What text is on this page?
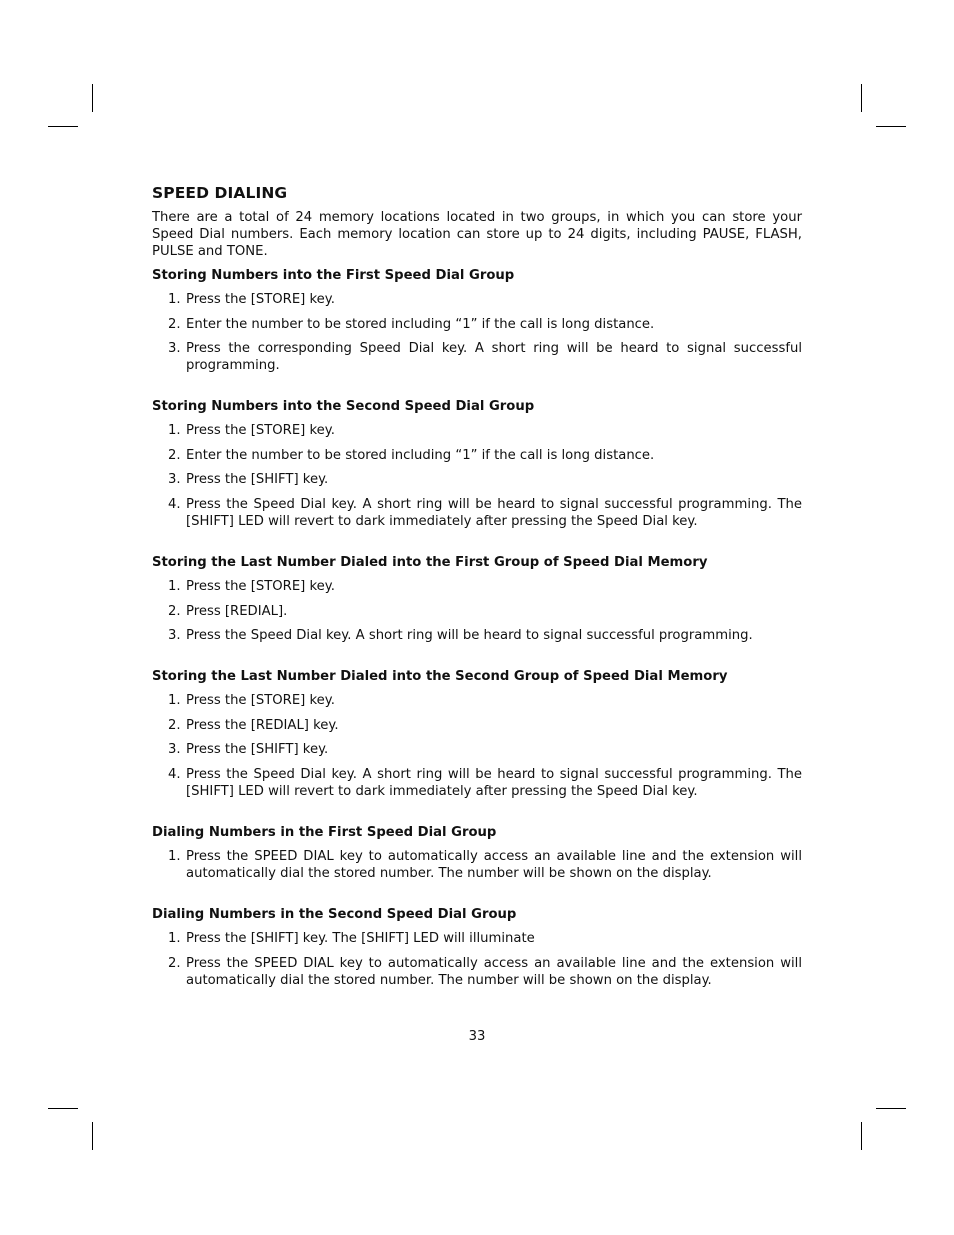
SPEED DIALING

There are a total of 24 memory locations located in two groups, in which you can store your Speed Dial numbers. Each memory location can store up to 24 digits, including PAUSE, FLASH, PULSE and TONE.

Storing Numbers into the First Speed Dial Group
1. Press the [STORE] key.
2. Enter the number to be stored including “1” if the call is long distance.
3. Press the corresponding Speed Dial key. A short ring will be heard to signal successful programming.
Storing Numbers into the Second Speed Dial Group
1. Press the [STORE] key.
2. Enter the number to be stored including “1” if the call is long distance.
3. Press the [SHIFT] key.
4. Press the Speed Dial key. A short ring will be heard to signal successful programming. The [SHIFT] LED will revert to dark immediately after pressing the Speed Dial key.
Storing the Last Number Dialed into the First Group of Speed Dial Memory
1. Press the [STORE] key.
2. Press [REDIAL].
3. Press the Speed Dial key. A short ring will be heard to signal successful programming.
Storing the Last Number Dialed into the Second Group of Speed Dial Memory
1. Press the [STORE] key.
2. Press the [REDIAL] key.
3. Press the [SHIFT] key.
4. Press the Speed Dial key. A short ring will be heard to signal successful programming. The [SHIFT] LED will revert to dark immediately after pressing the Speed Dial key.
Dialing Numbers in the First Speed Dial Group
1. Press the SPEED DIAL key to automatically access an available line and the extension will automatically dial the stored number. The number will be shown on the display.
Dialing Numbers in the Second Speed Dial Group
1. Press the [SHIFT] key. The [SHIFT] LED will illuminate
2. Press the SPEED DIAL key to automatically access an available line and the extension will automatically dial the stored number. The number will be shown on the display.
33
